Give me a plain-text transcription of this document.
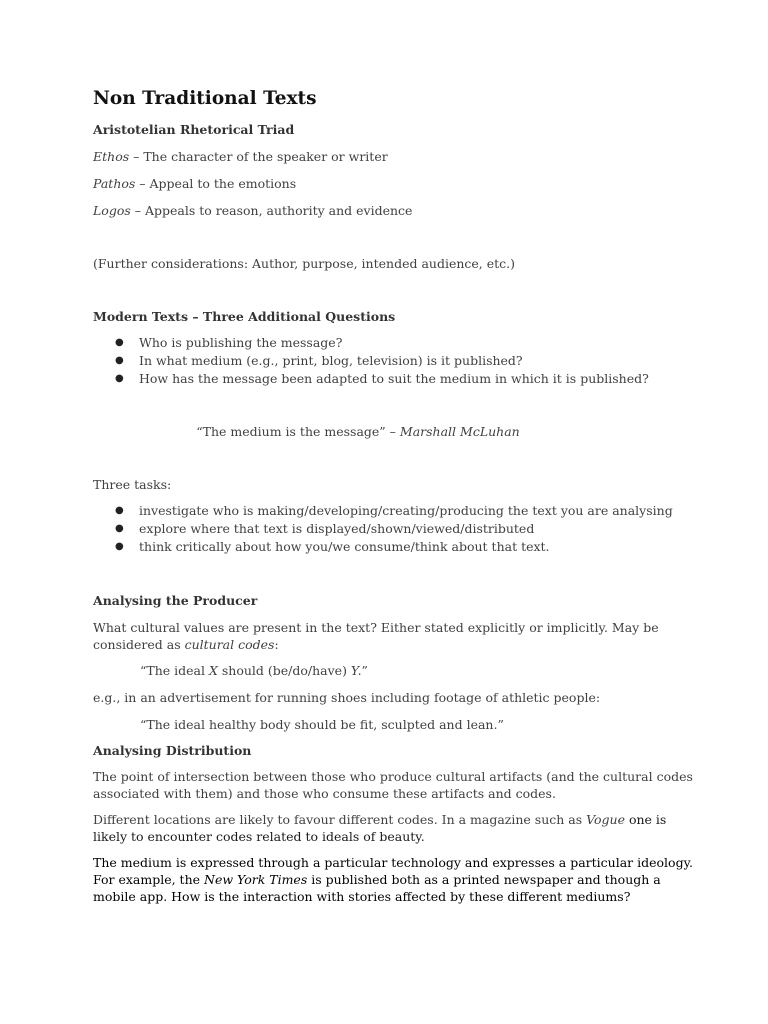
Non Traditional Texts

Aristotelian Rhetorical Triad

Ethos – The character of the speaker or writer

Pathos – Appeal to the emotions

Logos – Appeals to reason, authority and evidence

(Further considerations: Author, purpose, intended audience, etc.)

Modern Texts – Three Additional Questions

● Who is publishing the message?
● In what medium (e.g., print, blog, television) is it published?
● How has the message been adapted to suit the medium in which it is published?

“The medium is the message” – Marshall McLuhan

Three tasks:

● investigate who is making/developing/creating/producing the text you are analysing
● explore where that text is displayed/shown/viewed/distributed
● think critically about how you/we consume/think about that text.

Analysing the Producer

What cultural values are present in the text? Either stated explicitly or implicitly. May be considered as cultural codes:

“The ideal X should (be/do/have) Y.”

e.g., in an advertisement for running shoes including footage of athletic people:

“The ideal healthy body should be fit, sculpted and lean.”

Analysing Distribution

The point of intersection between those who produce cultural artifacts (and the cultural codes associated with them) and those who consume these artifacts and codes.

Different locations are likely to favour different codes. In a magazine such as Vogue one is likely to encounter codes related to ideals of beauty.

The medium is expressed through a particular technology and expresses a particular ideology. For example, the New York Times is published both as a printed newspaper and though a mobile app. How is the interaction with stories affected by these different mediums?
